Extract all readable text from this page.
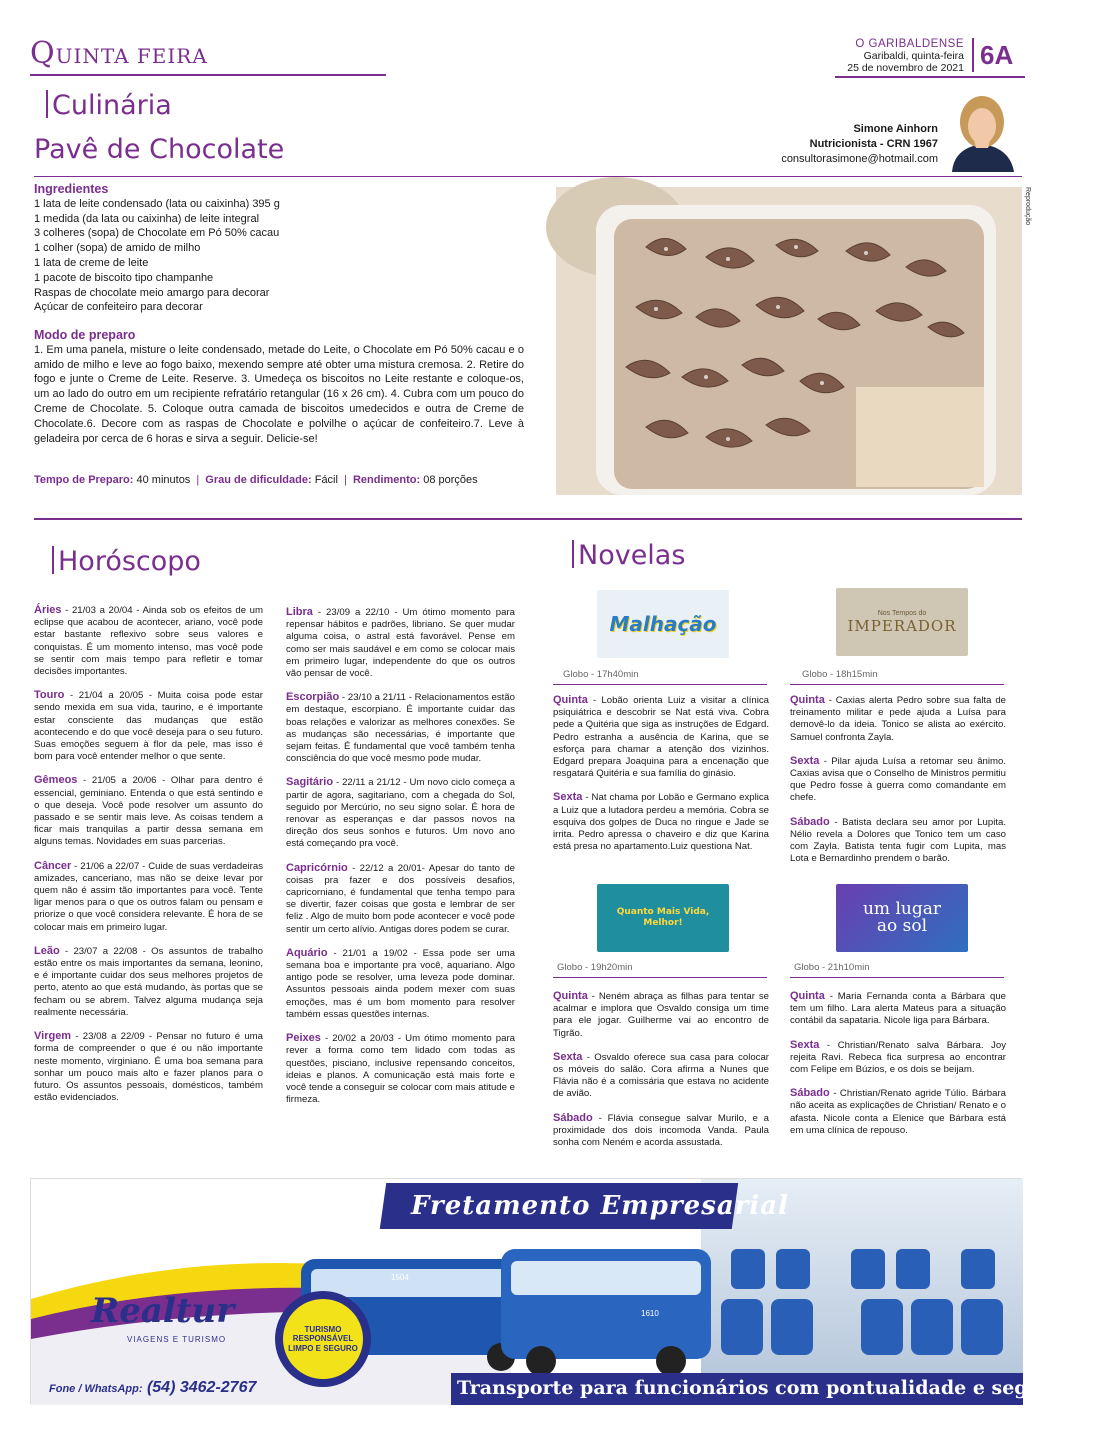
QUINTA FEIRA	O GARIBALDENSE
Garibaldi, quinta-feira
25 de novembro de 2021 6A
Culinária
Pavê de Chocolate
Simone Ainhorn
Nutricionista - CRN 1967
consultorasimone@hotmail.com
Ingredientes
1 lata de leite condensado (lata ou caixinha) 395 g
1 medida (da lata ou caixinha) de leite integral
3 colheres (sopa) de Chocolate em Pó 50% cacau
1 colher (sopa) de amido de milho
1 lata de creme de leite
1 pacote de biscoito tipo champanhe
Raspas de chocolate meio amargo para decorar
Açúcar de confeiteiro para decorar
Modo de preparo
1. Em uma panela, misture o leite condensado, metade do Leite, o Chocolate em Pó 50% cacau e o amido de milho e leve ao fogo baixo, mexendo sempre até obter uma mistura cremosa. 2. Retire do fogo e junte o Creme de Leite. Reserve. 3. Umedeça os biscoitos no Leite restante e coloque-os, um ao lado do outro em um recipiente refratário retangular (16 x 26 cm). 4. Cubra com um pouco do Creme de Chocolate. 5. Coloque outra camada de biscoitos umedecidos e outra de Creme de Chocolate.6. Decore com as raspas de Chocolate e polvilhe o açúcar de confeiteiro.7. Leve à geladeira por cerca de 6 horas e sirva a seguir. Delicie-se!
Tempo de Preparo: 40 minutos | Grau de dificuldade: Fácil | Rendimento: 08 porções
Reprodução
Horóscopo

Áries - 21/03 a 20/04 - Ainda sob os efeitos de um eclipse que acabou de acontecer, ariano, você pode estar bastante reflexivo sobre seus valores e conquistas. É um momento intenso, mas você pode se sentir com mais tempo para refletir e tomar decisões importantes.

Touro - 21/04 a 20/05 - Muita coisa pode estar sendo mexida em sua vida, taurino, e é importante estar consciente das mudanças que estão acontecendo e do que você deseja para o seu futuro. Suas emoções seguem à flor da pele, mas isso é bom para você entender melhor o que sente.

Gêmeos - 21/05 a 20/06 - Olhar para dentro é essencial, geminiano. Entenda o que está sentindo e o que deseja. Você pode resolver um assunto do passado e se sentir mais leve. As coisas tendem a ficar mais tranquilas a partir dessa semana em alguns temas. Novidades em suas parcerias.

Câncer - 21/06 a 22/07 - Cuide de suas verdadeiras amizades, canceriano, mas não se deixe levar por quem não é assim tão importantes para você. Tente ligar menos para o que os outros falam ou pensam e priorize o que você considera relevante. É hora de se colocar mais em primeiro lugar.

Leão - 23/07 a 22/08 - Os assuntos de trabalho estão entre os mais importantes da semana, leonino, e é importante cuidar dos seus melhores projetos de perto, atento ao que está mudando, às portas que se fecham ou se abrem. Talvez alguma mudança seja realmente necessária.

Virgem - 23/08 a 22/09 - Pensar no futuro é uma forma de compreender o que é ou não importante neste momento, virginiano. É uma boa semana para sonhar um pouco mais alto e fazer planos para o futuro. Os assuntos pessoais, domésticos, também estão evidenciados.

Libra - 23/09 a 22/10 - Um ótimo momento para repensar hábitos e padrões, libriano. Se quer mudar alguma coisa, o astral está favorável. Pense em como ser mais saudável e em como se colocar mais em primeiro lugar, independente do que os outros vão pensar de você.

Escorpião - 23/10 a 21/11 - Relacionamentos estão em destaque, escorpiano. É importante cuidar das boas relações e valorizar as melhores conexões. Se as mudanças são necessárias, é importante que sejam feitas. É fundamental que você também tenha consciência do que você mesmo pode mudar.

Sagitário - 22/11 a 21/12 - Um novo ciclo começa a partir de agora, sagitariano, com a chegada do Sol, seguido por Mercúrio, no seu signo solar. É hora de renovar as esperanças e dar passos novos na direção dos seus sonhos e futuros. Um novo ano está começando pra você.

Capricórnio - 22/12 a 20/01- Apesar do tanto de coisas pra fazer e dos possíveis desafios, capricorniano, é fundamental que tenha tempo para se divertir, fazer coisas que gosta e lembrar de ser feliz . Algo de muito bom pode acontecer e você pode sentir um certo alívio. Antigas dores podem se curar.

Aquário - 21/01 a 19/02 - Essa pode ser uma semana boa e importante pra você, aquariano. Algo antigo pode se resolver, uma leveza pode dominar. Assuntos pessoais ainda podem mexer com suas emoções, mas é um bom momento para resolver também essas questões internas.

Peixes - 20/02 a 20/03 - Um ótimo momento para rever a forma como tem lidado com todas as questões, pisciano, inclusive repensando conceitos, ideias e planos. A comunicação está mais forte e você tende a conseguir se colocar com mais atitude e firmeza.

Novelas
Malhação
Globo - 17h40min
Nos Tempos do
IMPERADOR
Globo - 18h15min

Quinta - Lobão orienta Luiz a visitar a clínica psiquiátrica e descobrir se Nat está viva. Cobra pede a Quitéria que siga as instruções de Edgard. Pedro estranha a ausência de Karina, que se esforça para chamar a atenção dos vizinhos. Edgard prepara Joaquina para a encenação que resgatará Quitéria e sua família do ginásio.

Sexta - Nat chama por Lobão e Germano explica a Luiz que a lutadora perdeu a memória. Cobra se esquiva dos golpes de Duca no ringue e Jade se irrita. Pedro apressa o chaveiro e diz que Karina está presa no apartamento.Luiz questiona Nat.

Quinta - Caxias alerta Pedro sobre sua falta de treinamento militar e pede ajuda a Luísa para demovê-lo da ideia. Tonico se alista ao exército. Samuel confronta Zayla.

Sexta - Pilar ajuda Luísa a retomar seu ânimo. Caxias avisa que o Conselho de Ministros permitiu que Pedro fosse à guerra como comandante em chefe.

Sábado - Batista declara seu amor por Lupita. Nélio revela a Dolores que Tonico tem um caso com Zayla. Batista tenta fugir com Lupita, mas Lota e Bernardinho prendem o barão.

Quanto Mais Vida, Melhor!
Globo - 19h20min
um lugar ao sol
Globo - 21h10min

Quinta - Neném abraça as filhas para tentar se acalmar e implora que Osvaldo consiga um time para ele jogar. Guilherme vai ao encontro de Tigrão.

Sexta - Osvaldo oferece sua casa para colocar os móveis do salão. Cora afirma a Nunes que Flávia não é a comissária que estava no acidente de avião.

Sábado - Flávia consegue salvar Murilo, e a proximidade dos dois incomoda Vanda. Paula sonha com Neném e acorda assustada.

Quinta - Maria Fernanda conta a Bárbara que tem um filho. Lara alerta Mateus para a situação contábil da sapataria. Nicole liga para Bárbara.

Sexta - Christian/Renato salva Bárbara. Joy rejeita Ravi. Rebeca fica surpresa ao encontrar com Felipe em Búzios, e os dois se beijam.

Sábado - Christian/Renato agride Túlio. Bárbara não aceita as explicações de Christian/ Renato e o afasta. Nicole conta a Elenice que Bárbara está em uma clínica de repouso.

Fretamento Empresarial
Realtur
VIAGENS E TURISMO
TURISMO
RESPONSÁVEL
LIMPO E SEGURO
1504
1610
Fone / WhatsApp: (54) 3462-2767	Transporte para funcionários com pontualidade e segurança!
